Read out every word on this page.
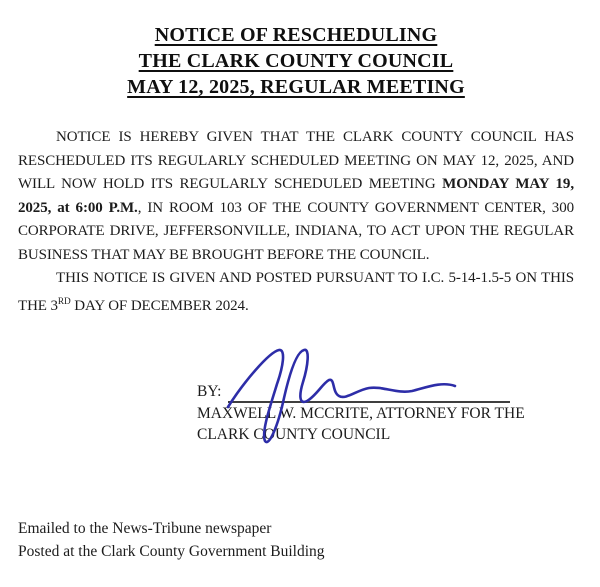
NOTICE OF RESCHEDULING
THE CLARK COUNTY COUNCIL
MAY 12, 2025, REGULAR MEETING

NOTICE IS HEREBY GIVEN THAT THE CLARK COUNTY COUNCIL HAS RESCHEDULED ITS REGULARLY SCHEDULED MEETING ON MAY 12, 2025, AND WILL NOW HOLD ITS REGULARLY SCHEDULED MEETING MONDAY MAY 19, 2025, at 6:00 P.M., IN ROOM 103 OF THE COUNTY GOVERNMENT CENTER, 300 CORPORATE DRIVE, JEFFERSONVILLE, INDIANA, TO ACT UPON THE REGULAR BUSINESS THAT MAY BE BROUGHT BEFORE THE COUNCIL.

THIS NOTICE IS GIVEN AND POSTED PURSUANT TO I.C. 5-14-1.5-5 ON THIS THE 3RD DAY OF DECEMBER 2024.

BY:
MAXWELL W. MCCRITE, ATTORNEY FOR THE
CLARK COUNTY COUNCIL
Emailed to the News-Tribune newspaper
Posted at the Clark County Government Building
